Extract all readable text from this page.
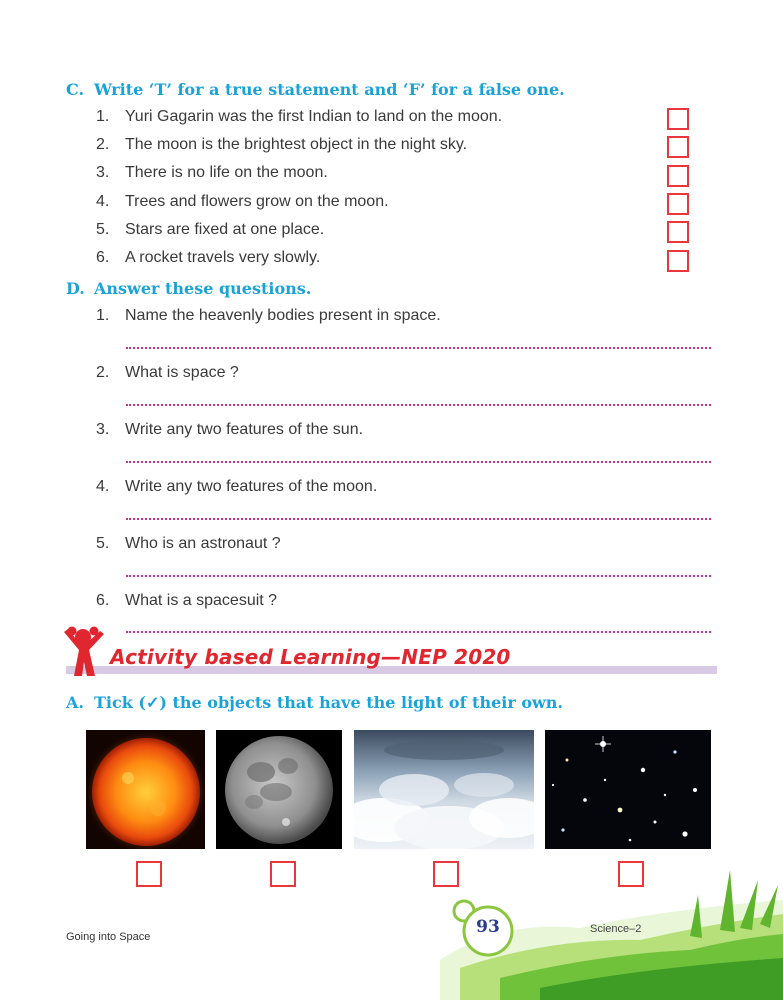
C. Write ‘T’ for a true statement and ‘F’ for a false one.
1. Yuri Gagarin was the first Indian to land on the moon.
2. The moon is the brightest object in the night sky.
3. There is no life on the moon.
4. Trees and flowers grow on the moon.
5. Stars are fixed at one place.
6. A rocket travels very slowly.
D. Answer these questions.
1. Name the heavenly bodies present in space.
2. What is space ?
3. Write any two features of the sun.
4. Write any two features of the moon.
5. Who is an astronaut ?
6. What is a spacesuit ?
Activity based Learning—NEP 2020
A. Tick (✓) the objects that have the light of their own.
93
Going into Space
Science–2
